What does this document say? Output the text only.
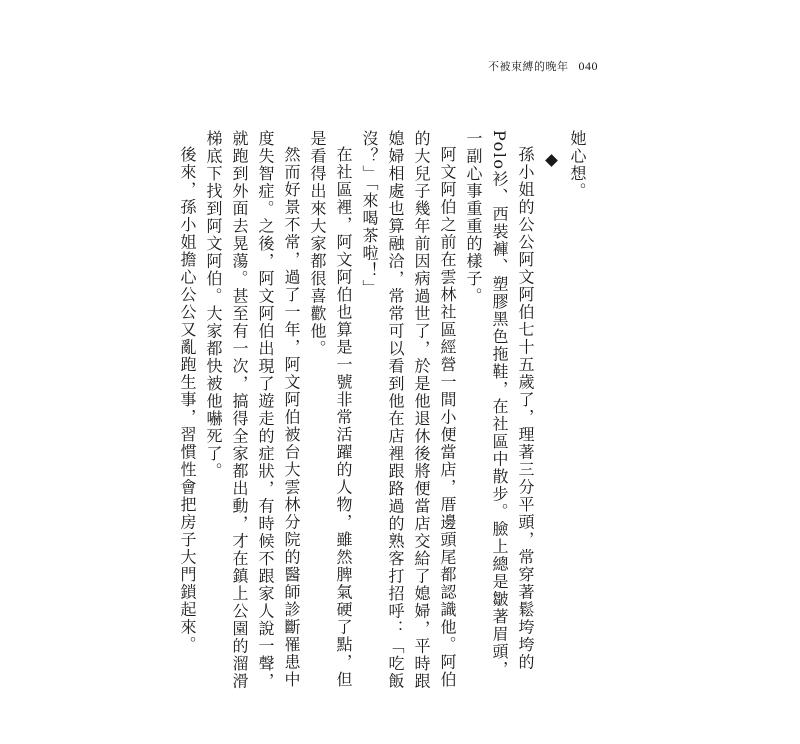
不被束縛的晚年 040

她心想。

孫小姐的公公阿文阿伯七十五歲了，理著三分平頭，常穿著鬆垮垮的Polo衫、西裝褲、塑膠黑色拖鞋，在社區中散步。臉上總是皺著眉頭，一副心事重重的樣子。

阿文阿伯之前在雲林社區經營一間小便當店，厝邊頭尾都認識他。阿伯的大兒子幾年前因病過世了，於是他退休後將便當店交給了媳婦，平時跟媳婦相處也算融洽，常常可以看到他在店裡跟路過的熟客打招呼：「吃飯沒？」「來喝茶啦！」

在社區裡，阿文阿伯也算是一號非常活躍的人物，雖然脾氣硬了點，但是看得出來大家都很喜歡他。

然而好景不常，過了一年，阿文阿伯被台大雲林分院的醫師診斷罹患中度失智症。之後，阿文阿伯出現了遊走的症狀，有時候不跟家人說一聲，就跑到外面去晃蕩。甚至有一次，搞得全家都出動，才在鎮上公園的溜滑梯底下找到阿文阿伯。大家都快被他嚇死了。

後來，孫小姐擔心公公又亂跑生事，習慣性會把房子大門鎖起來。
